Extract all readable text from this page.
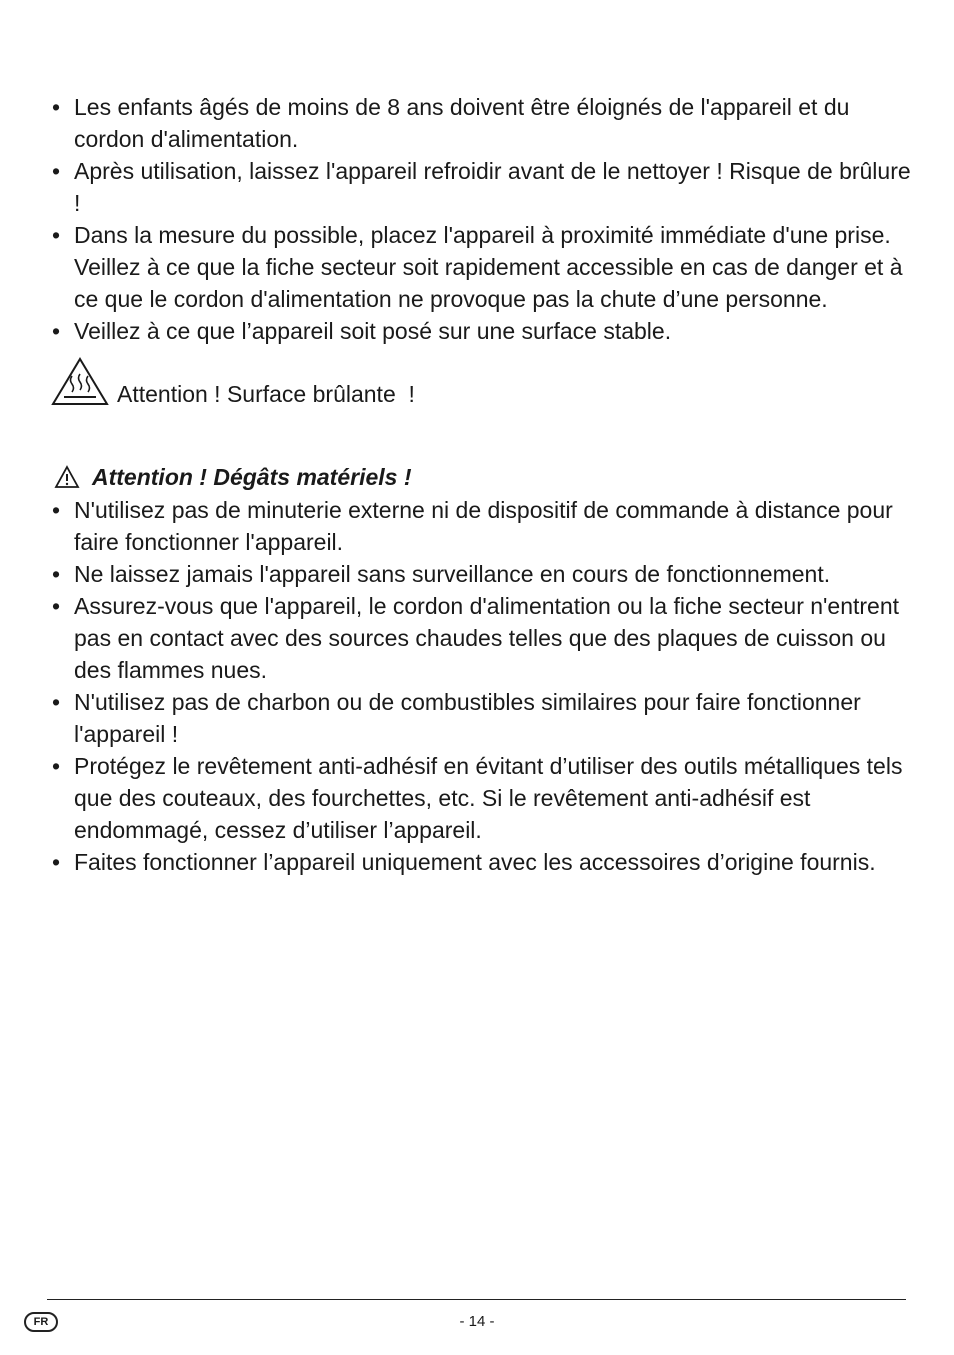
• Les enfants âgés de moins de 8 ans doivent être éloignés de l'appareil et du cordon d'alimentation.
• Après utilisation, laissez l'appareil refroidir avant de le nettoyer ! Risque de brûlure !
• Dans la mesure du possible, placez l'appareil à proximité immédiate d'une prise. Veillez à ce que la fiche secteur soit rapidement accessible en cas de danger et à ce que le cordon d'alimentation ne provoque pas la chute d’une personne.
• Veillez à ce que l’appareil soit posé sur une surface stable.
Attention ! Surface brûlante  !
Attention ! Dégâts matériels !
• N'utilisez pas de minuterie externe ni de dispositif de commande à distance pour faire fonctionner l'appareil.
• Ne laissez jamais l'appareil sans surveillance en cours de fonctionnement.
• Assurez-vous que l'appareil, le cordon d'alimentation ou la fiche secteur n'entrent pas en contact avec des sources chaudes telles que des plaques de cuisson ou des flammes nues.
• N'utilisez pas de charbon ou de combustibles similaires pour faire fonctionner l'appareil !
• Protégez le revêtement anti-adhésif en évitant d’utiliser des outils métalliques tels que des couteaux, des fourchettes, etc. Si le revêtement anti-adhésif est endommagé, cessez d’utiliser l’appareil.
• Faites fonctionner l’appareil uniquement avec les accessoires d’origine fournis.
FR	- 14 -
